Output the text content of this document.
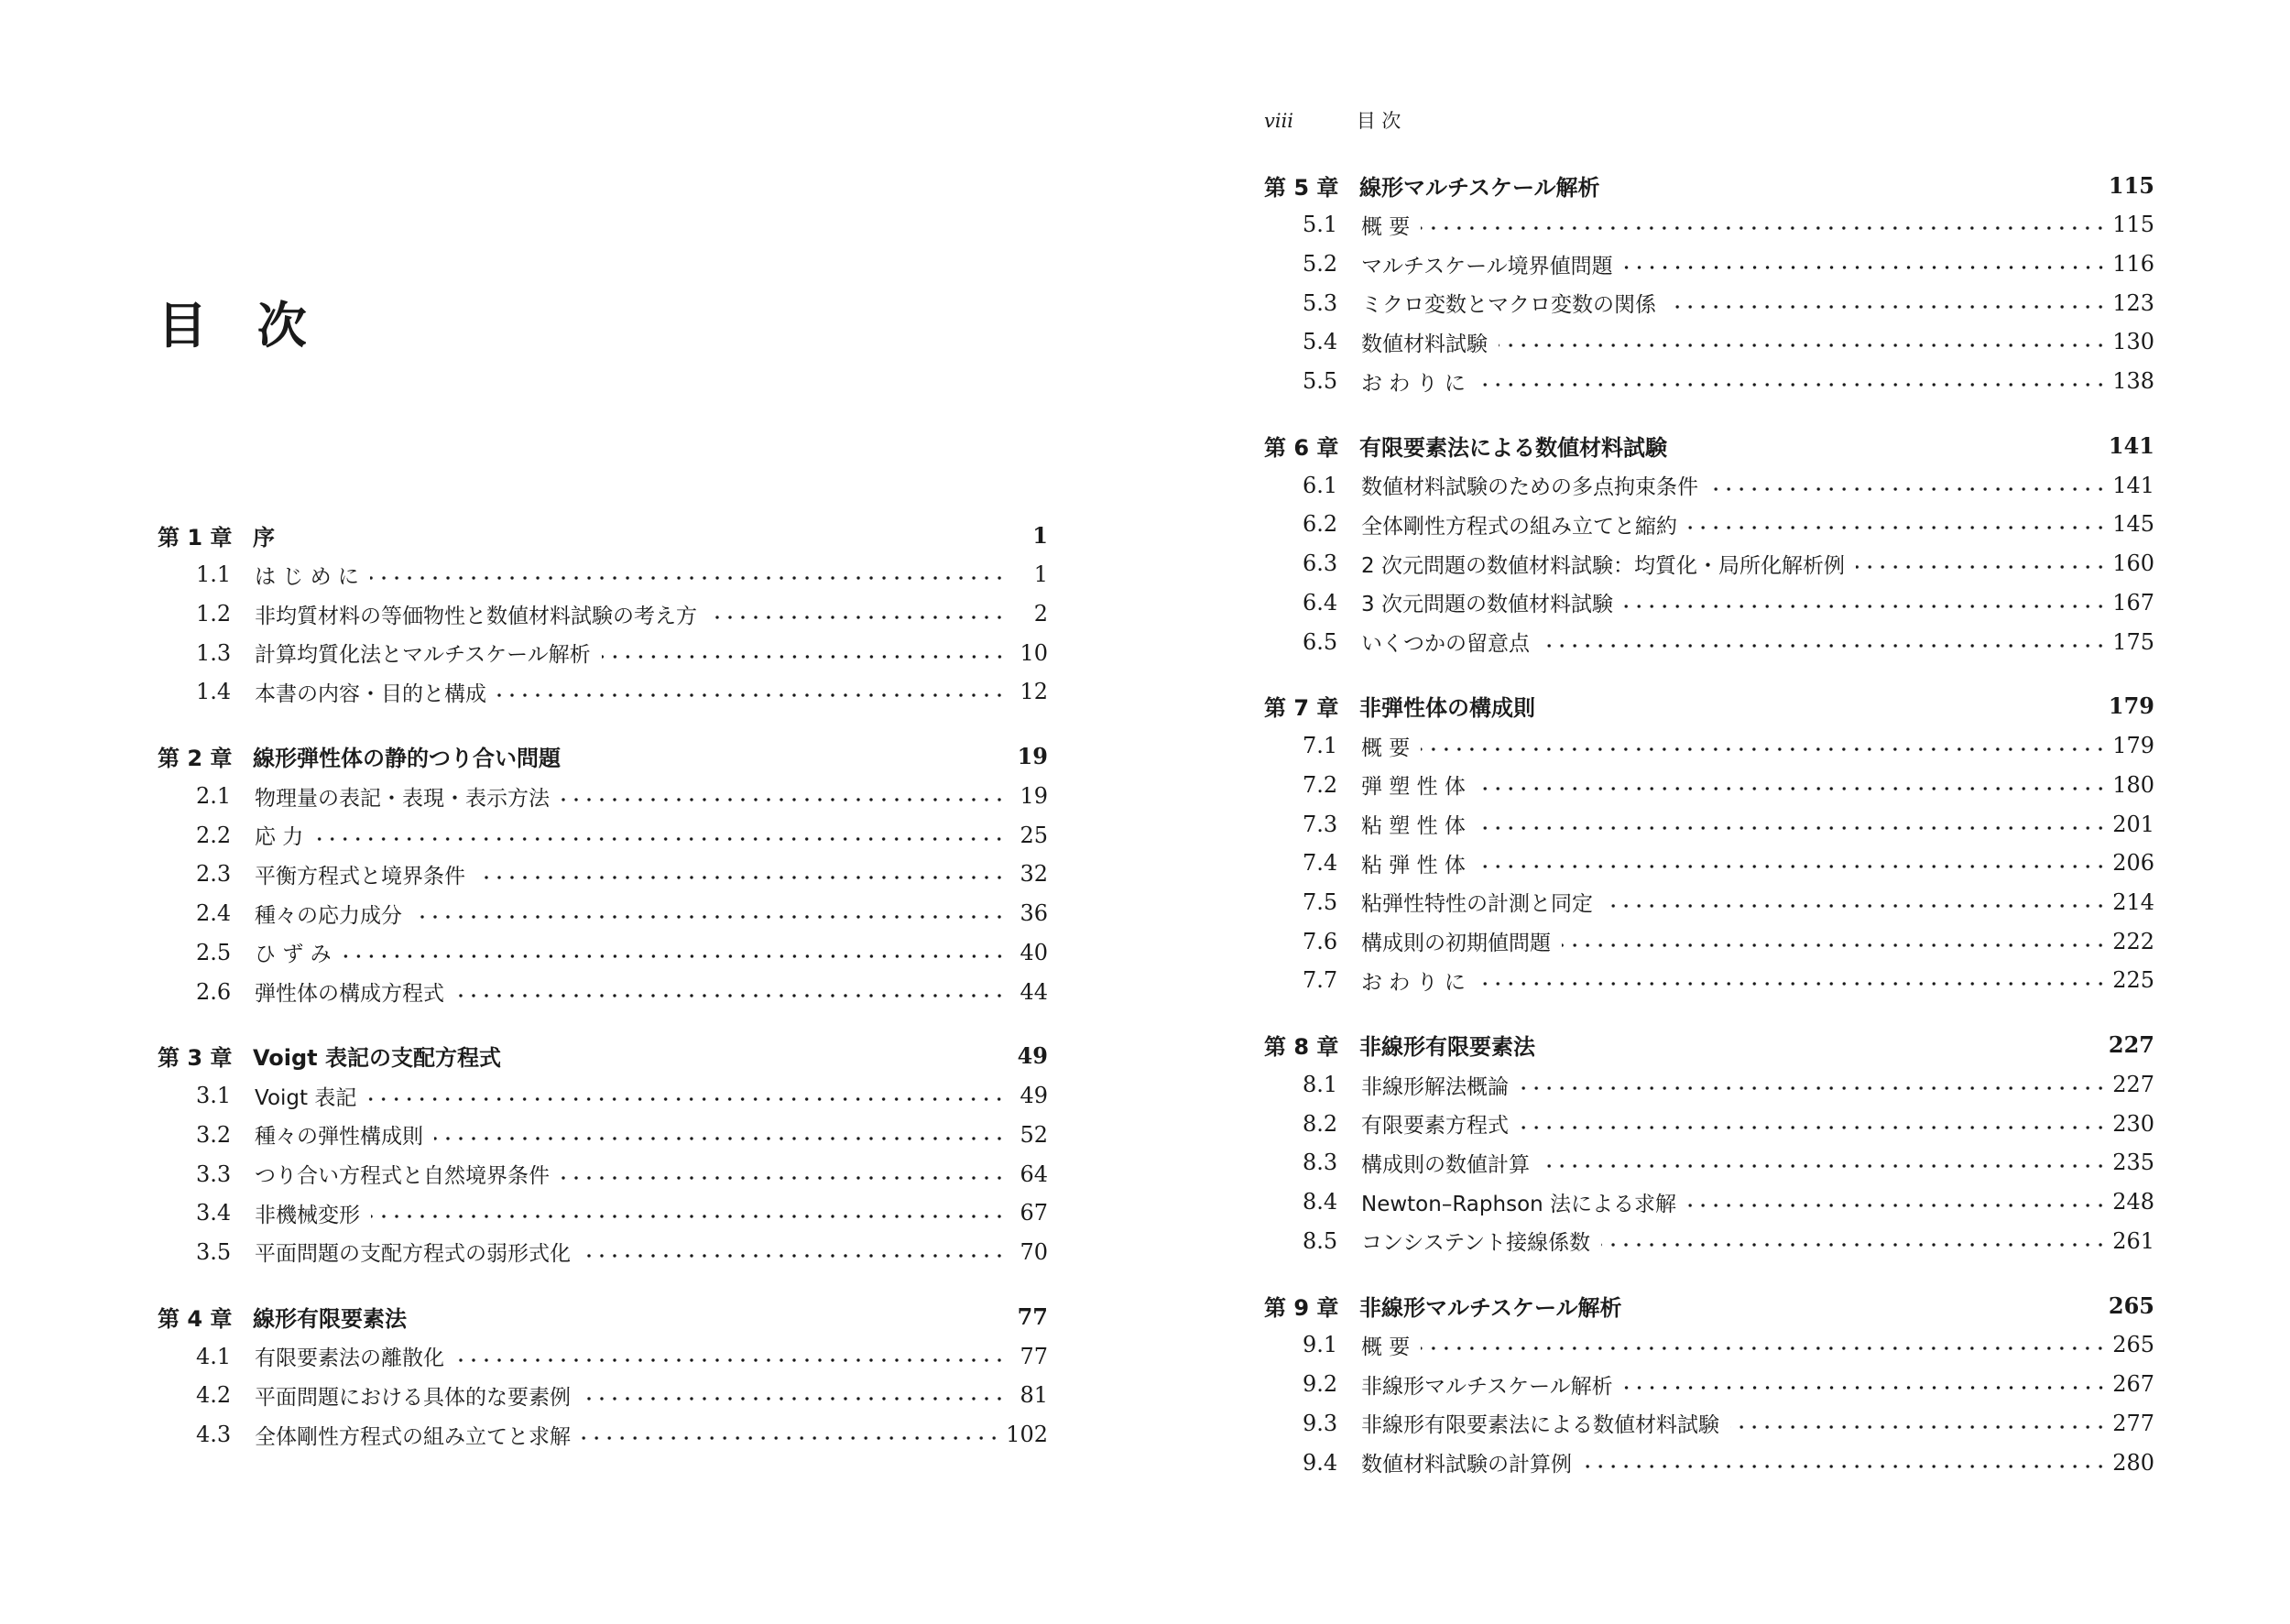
目 次
第 1 章 序	1
1.1	は じ め に	1
1.2	非均質材料の等価物性と数値材料試験の考え方	2
1.3	計算均質化法とマルチスケール解析	10
1.4	本書の内容・目的と構成	12
第 2 章 線形弾性体の静的つり合い問題	19
2.1	物理量の表記・表現・表示方法	19
2.2	応 力	25
2.3	平衡方程式と境界条件	32
2.4	種々の応力成分	36
2.5	ひ ず み	40
2.6	弾性体の構成方程式	44
第 3 章 Voigt 表記の支配方程式	49
3.1	Voigt 表記	49
3.2	種々の弾性構成則	52
3.3	つり合い方程式と自然境界条件	64
3.4	非機械変形	67
3.5	平面問題の支配方程式の弱形式化	70
第 4 章 線形有限要素法	77
4.1	有限要素法の離散化	77
4.2	平面問題における具体的な要素例	81
4.3	全体剛性方程式の組み立てと求解	102
viii	目 次
第 5 章 線形マルチスケール解析	115
5.1	概 要	115
5.2	マルチスケール境界値問題	116
5.3	ミクロ変数とマクロ変数の関係	123
5.4	数値材料試験	130
5.5	お わ り に	138
第 6 章 有限要素法による数値材料試験	141
6.1	数値材料試験のための多点拘束条件	141
6.2	全体剛性方程式の組み立てと縮約	145
6.3	2 次元問題の数値材料試験：均質化・局所化解析例	160
6.4	3 次元問題の数値材料試験	167
6.5	いくつかの留意点	175
第 7 章 非弾性体の構成則	179
7.1	概 要	179
7.2	弾 塑 性 体	180
7.3	粘 塑 性 体	201
7.4	粘 弾 性 体	206
7.5	粘弾性特性の計測と同定	214
7.6	構成則の初期値問題	222
7.7	お わ り に	225
第 8 章 非線形有限要素法	227
8.1	非線形解法概論	227
8.2	有限要素方程式	230
8.3	構成則の数値計算	235
8.4	Newton–Raphson 法による求解	248
8.5	コンシステント接線係数	261
第 9 章 非線形マルチスケール解析	265
9.1	概 要	265
9.2	非線形マルチスケール解析	267
9.3	非線形有限要素法による数値材料試験	277
9.4	数値材料試験の計算例	280
